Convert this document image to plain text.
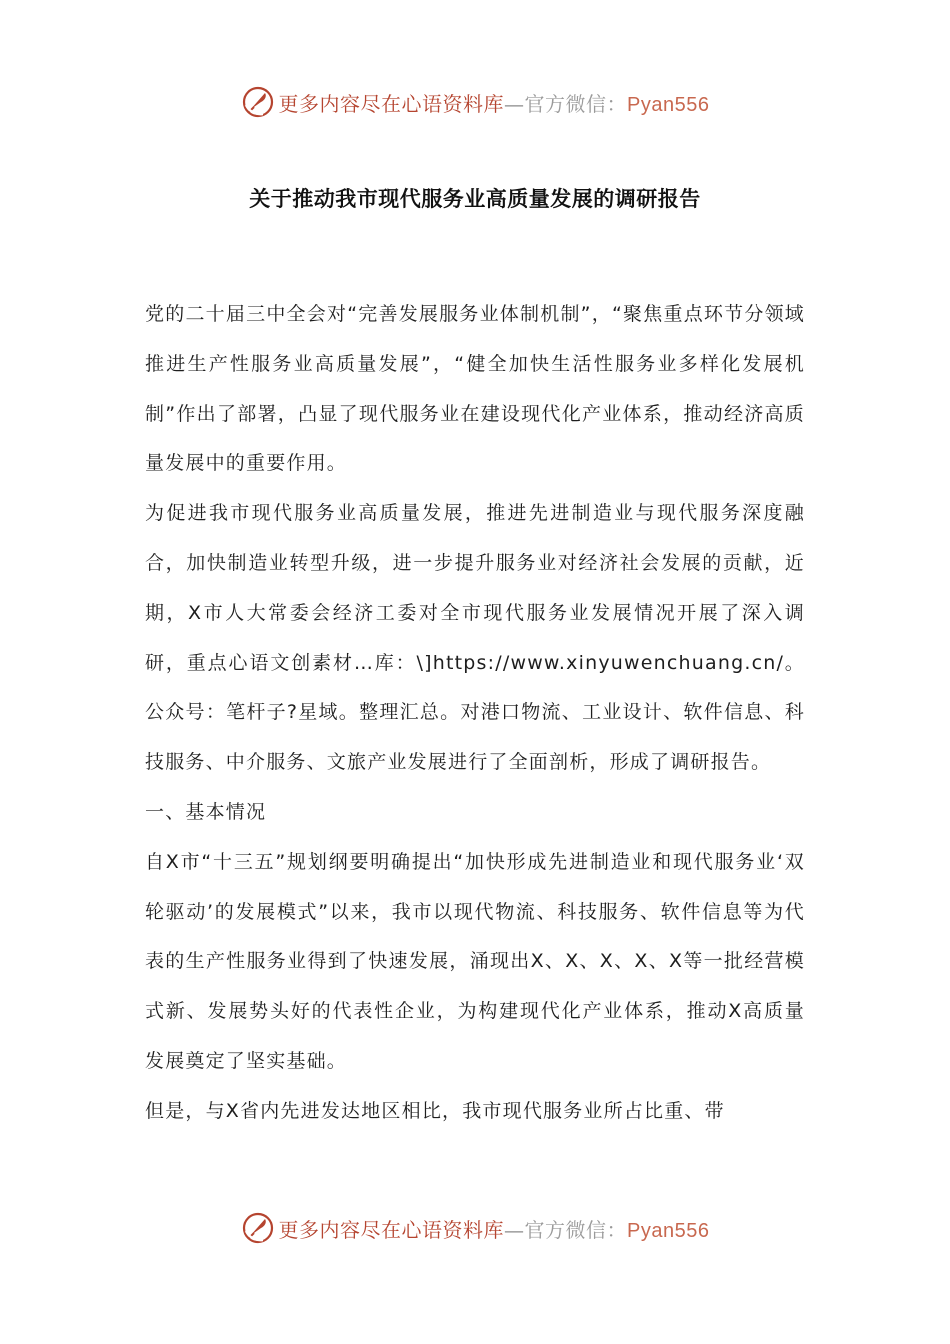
更多内容尽在心语资料库—官方微信：Pyan556
关于推动我市现代服务业高质量发展的调研报告

党的二十届三中全会对“完善发展服务业体制机制”，“聚焦重点环节分领域推进生产性服务业高质量发展”，“健全加快生活性服务业多样化发展机制”作出了部署，凸显了现代服务业在建设现代化产业体系，推动经济高质量发展中的重要作用。

为促进我市现代服务业高质量发展，推进先进制造业与现代服务深度融合，加快制造业转型升级，进一步提升服务业对经济社会发展的贡献，近期，X市人大常委会经济工委对全市现代服务业发展情况开展了深入调研，重点心语文创素材…库：\]https://www.xinyuwenchuang.cn/。公众号：笔杆子?星域。整理汇总。对港口物流、工业设计、软件信息、科技服务、中介服务、文旅产业发展进行了全面剖析，形成了调研报告。

一、基本情况

自X市“十三五”规划纲要明确提出“加快形成先进制造业和现代服务业‘双轮驱动’的发展模式”以来，我市以现代物流、科技服务、软件信息等为代表的生产性服务业得到了快速发展，涌现出X、X、X、X、X等一批经营模式新、发展势头好的代表性企业，为构建现代化产业体系，推动X高质量发展奠定了坚实基础。

但是，与X省内先进发达地区相比，我市现代服务业所占比重、带

更多内容尽在心语资料库—官方微信：Pyan556
